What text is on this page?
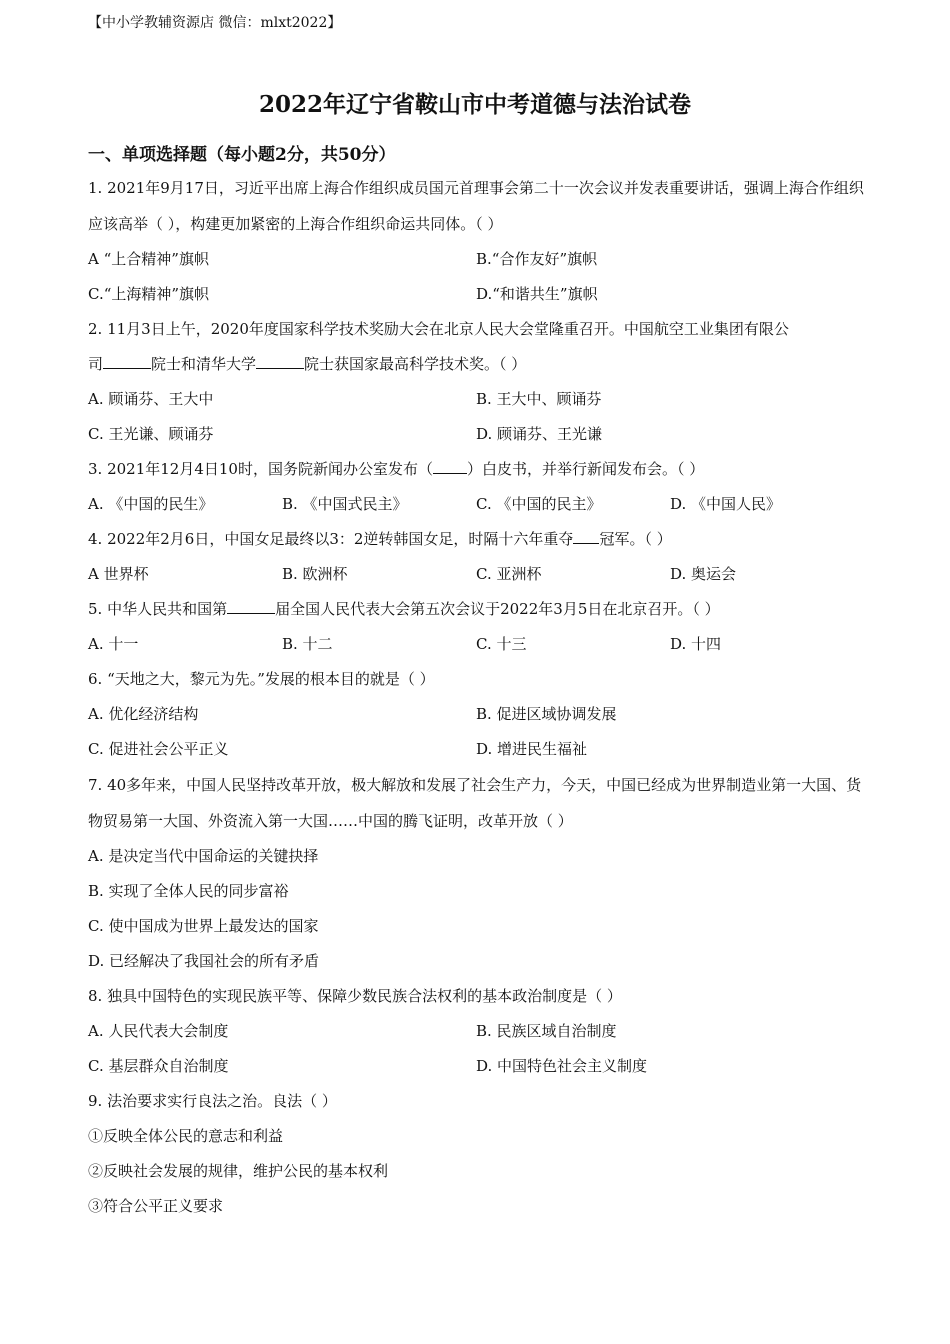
【中小学教辅资源店 微信：mlxt2022】
2022年辽宁省鞍山市中考道德与法治试卷
一、单项选择题（每小题2分，共50分）
1. 2021年9月17日，习近平出席上海合作组织成员国元首理事会第二十一次会议并发表重要讲话，强调上海合作组织应该高举（ ），构建更加紧密的上海合作组织命运共同体。（ ）
A “上合精神”旗帜	B.“合作友好”旗帜
C.“上海精神”旗帜	D.“和谐共生”旗帜
2. 11月3日上午，2020年度国家科学技术奖励大会在北京人民大会堂隆重召开。中国航空工业集团有限公
司	院士和清华大学	院士获国家最高科学技术奖。（ ）
A. 顾诵芬、王大中	B. 王大中、顾诵芬
C. 王光谦、顾诵芬	D. 顾诵芬、王光谦
3. 2021年12月4日10时，国务院新闻办公室发布（ ）白皮书，并举行新闻发布会。（ ）
A. 《中国的民生》	B. 《中国式民主》	C. 《中国的民主》	D. 《中国人民》
4. 2022年2月6日，中国女足最终以3：2逆转韩国女足，时隔十六年重夺 冠军。（ ）
A 世界杯	B. 欧洲杯	C. 亚洲杯	D. 奥运会
5. 中华人民共和国第	届全国人民代表大会第五次会议于2022年3月5日在北京召开。（ ）
A. 十一	B. 十二	C. 十三	D. 十四
6. “天地之大，黎元为先。”发展的根本目的就是（ ）
A. 优化经济结构	B. 促进区域协调发展
C. 促进社会公平正义	D. 增进民生福祉
7. 40多年来，中国人民坚持改革开放，极大解放和发展了社会生产力，今天，中国已经成为世界制造业第一大国、货物贸易第一大国、外资流入第一大国……中国的腾飞证明，改革开放（ ）
A. 是决定当代中国命运的关键抉择
B. 实现了全体人民的同步富裕
C. 使中国成为世界上最发达的国家
D. 已经解决了我国社会的所有矛盾
8. 独具中国特色的实现民族平等、保障少数民族合法权利的基本政治制度是（ ）
A. 人民代表大会制度	B. 民族区域自治制度
C. 基层群众自治制度	D. 中国特色社会主义制度
9. 法治要求实行良法之治。良法（ ）
①反映全体公民的意志和利益
②反映社会发展的规律，维护公民的基本权利
③符合公平正义要求
